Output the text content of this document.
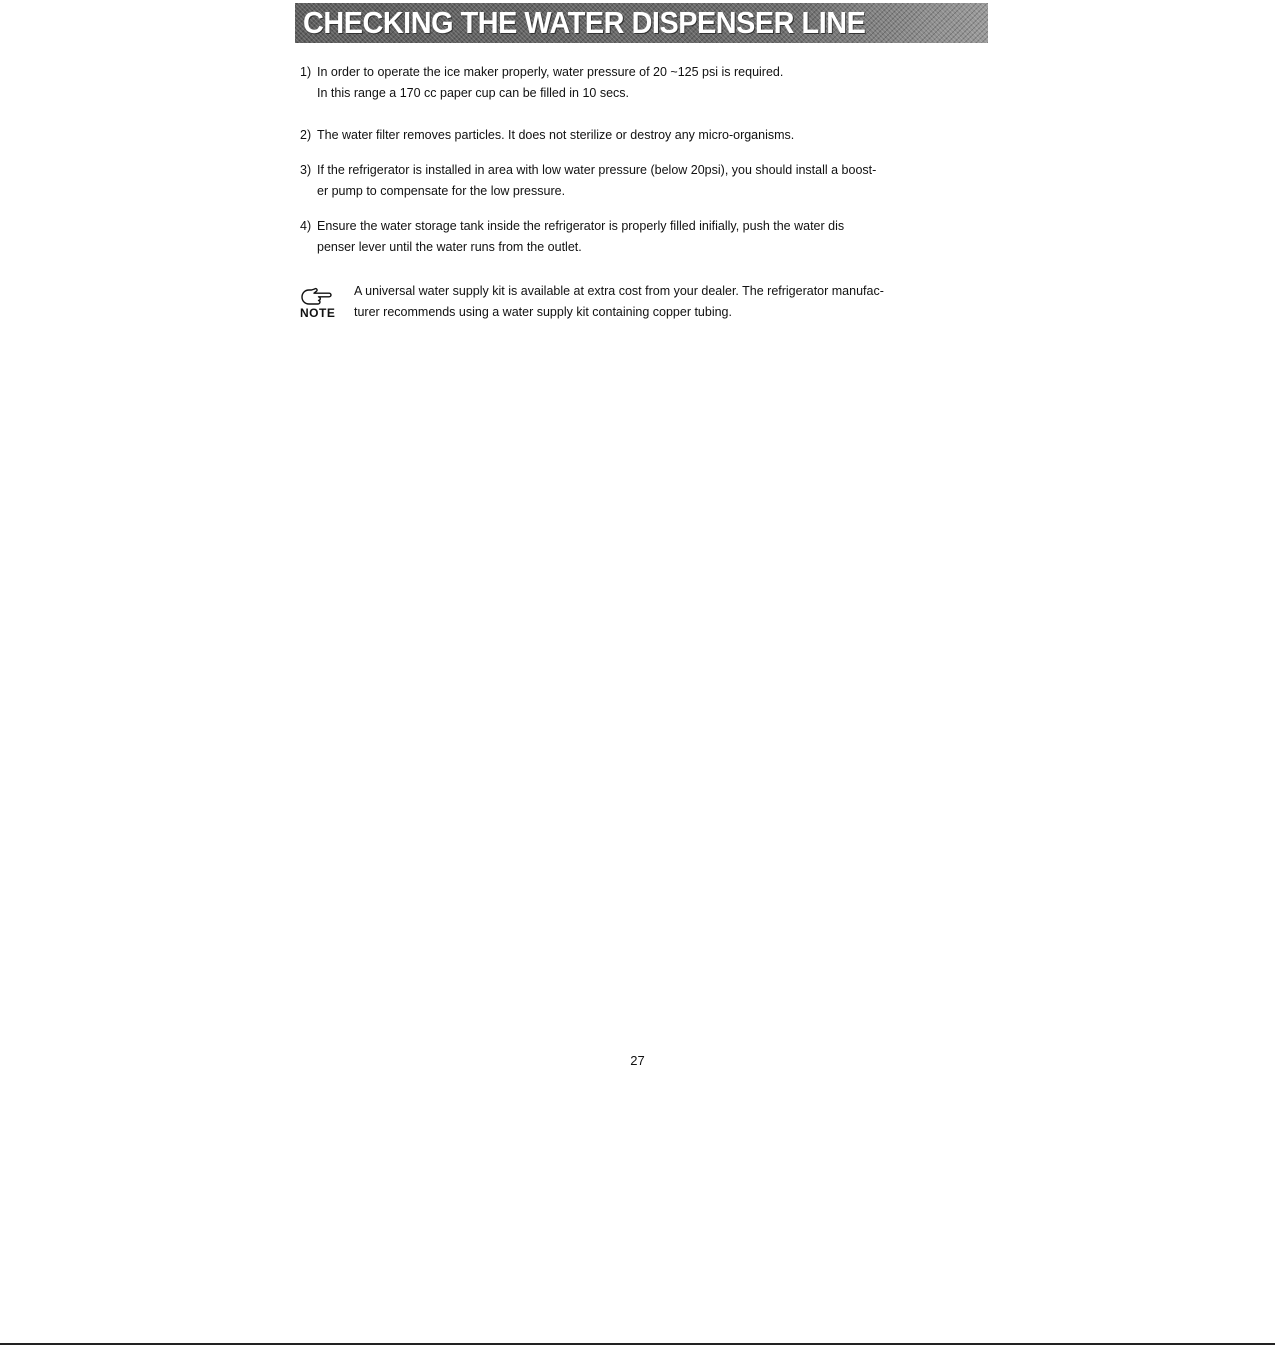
CHECKING THE WATER DISPENSER LINE
1) In order to operate the ice maker properly, water pressure of 20 ~125 psi is required.
In this range a 170 cc paper cup can be filled in 10 secs.
2) The water filter removes particles. It does not sterilize or destroy any micro-organisms.
3) If the refrigerator is installed in area with low water pressure (below 20psi), you should install a boost-
er pump to compensate for the low pressure.
4) Ensure the water storage tank inside the refrigerator is properly filled inifially, push the water dis
penser lever until the water runs from the outlet.
NOTE
A universal water supply kit is available at extra cost from your dealer. The refrigerator manufac-
turer recommends using a water supply kit containing copper tubing.
27
